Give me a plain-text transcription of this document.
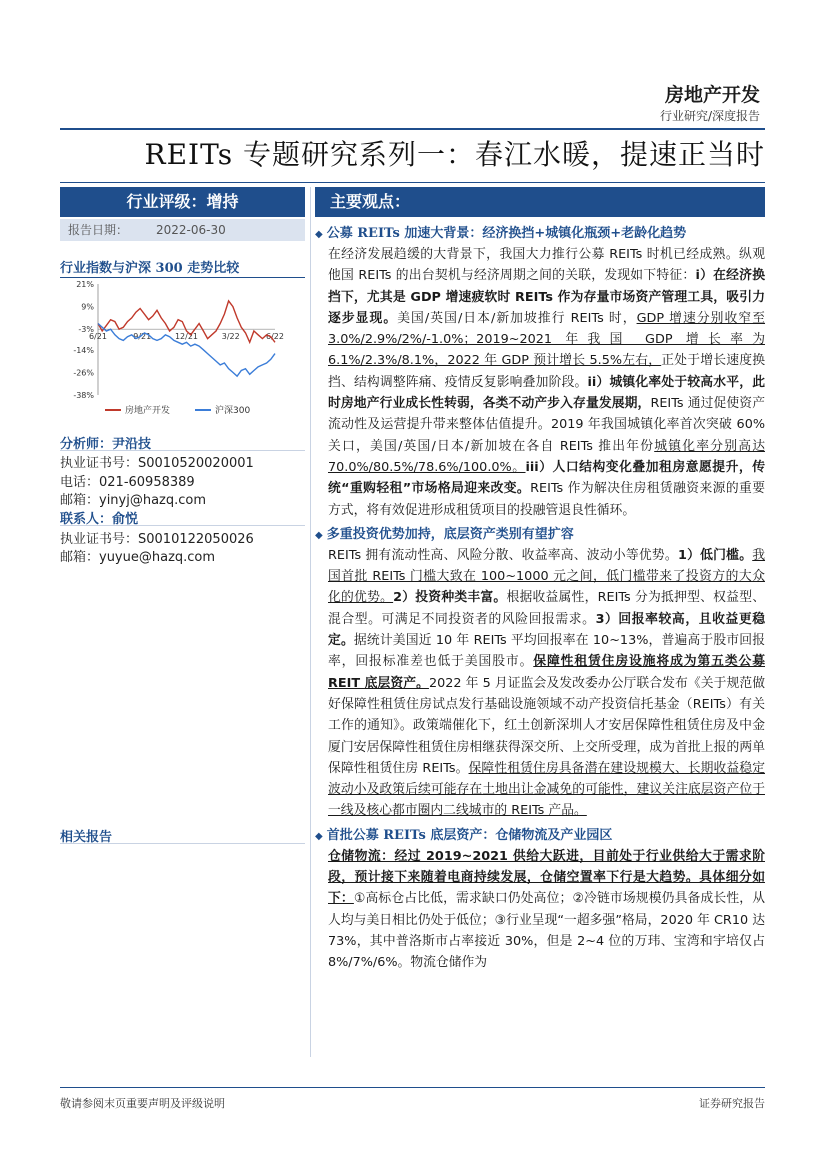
房地产开发
行业研究/深度报告
REITs 专题研究系列一：春江水暖，提速正当时
行业评级：增持
报告日期： 2022-06-30
行业指数与沪深 300 走势比较
21%
9%
-3%
-14%
-26%
-38%
6/21	9/21	12/21	3/22	6/22
房地产开发	沪深300
分析师：尹沿技
执业证书号：S0010520020001
电话：021-60958389
邮箱：yinyj@hazq.com
联系人：俞悦
执业证书号：S0010122050026
邮箱：yuyue@hazq.com
相关报告
主要观点：
◆ 公募 REITs 加速大背景：经济换挡+城镇化瓶颈+老龄化趋势

在经济发展趋缓的大背景下，我国大力推行公募 REITs 时机已经成熟。纵观他国 REITs 的出台契机与经济周期之间的关联，发现如下特征：i）在经济换挡下，尤其是 GDP 增速疲软时 REITs 作为存量市场资产管理工具，吸引力逐步显现。美国/英国/日本/新加坡推行 REITs 时，GDP 增速分别收窄至 3.0%/2.9%/2%/-1.0%；2019~2021 年我国 GDP 增长率为 6.1%/2.3%/8.1%，2022 年 GDP 预计增长 5.5%左右，正处于增长速度换挡、结构调整阵痛、疫情反复影响叠加阶段。ii）城镇化率处于较高水平，此时房地产行业成长性转弱，各类不动产步入存量发展期，REITs 通过促使资产流动性及运营提升带来整体估值提升。2019 年我国城镇化率首次突破 60%关口，美国/英国/日本/新加坡在各自 REITs 推出年份城镇化率分别高达 70.0%/80.5%/78.6%/100.0%。iii）人口结构变化叠加租房意愿提升，传统“重购轻租”市场格局迎来改变。REITs 作为解决住房租赁融资来源的重要方式，将有效促进形成租赁项目的投融管退良性循环。

◆ 多重投资优势加持，底层资产类别有望扩容

REITs 拥有流动性高、风险分散、收益率高、波动小等优势。1）低门槛。我国首批 REITs 门槛大致在 100~1000 元之间，低门槛带来了投资方的大众化的优势。2）投资种类丰富。根据收益属性，REITs 分为抵押型、权益型、混合型。可满足不同投资者的风险回报需求。3）回报率较高，且收益更稳定。据统计美国近 10 年 REITs 平均回报率在 10~13%，普遍高于股市回报率，回报标准差也低于美国股市。保障性租赁住房设施将成为第五类公募 REIT 底层资产。2022 年 5 月证监会及发改委办公厅联合发布《关于规范做好保障性租赁住房试点发行基础设施领域不动产投资信托基金（REITs）有关工作的通知》。政策端催化下，红土创新深圳人才安居保障性租赁住房及中金厦门安居保障性租赁住房相继获得深交所、上交所受理，成为首批上报的两单保障性租赁住房 REITs。保障性租赁住房具备潜在建设规模大、长期收益稳定波动小及政策后续可能存在土地出让金减免的可能性，建议关注底层资产位于一线及核心都市圈内二线城市的 REITs 产品。

◆ 首批公募 REITs 底层资产：仓储物流及产业园区

仓储物流：经过 2019~2021 供给大跃进，目前处于行业供给大于需求阶段，预计接下来随着电商持续发展，仓储空置率下行是大趋势。具体细分如下：①高标仓占比低，需求缺口仍处高位；②冷链市场规模仍具备成长性，从人均与美日相比仍处于低位；③行业呈现“一超多强”格局，2020 年 CR10 达 73%，其中普洛斯市占率接近 30%，但是 2~4 位的万玮、宝湾和宇培仅占 8%/7%/6%。物流仓储作为

敬请参阅末页重要声明及评级说明	证券研究报告
